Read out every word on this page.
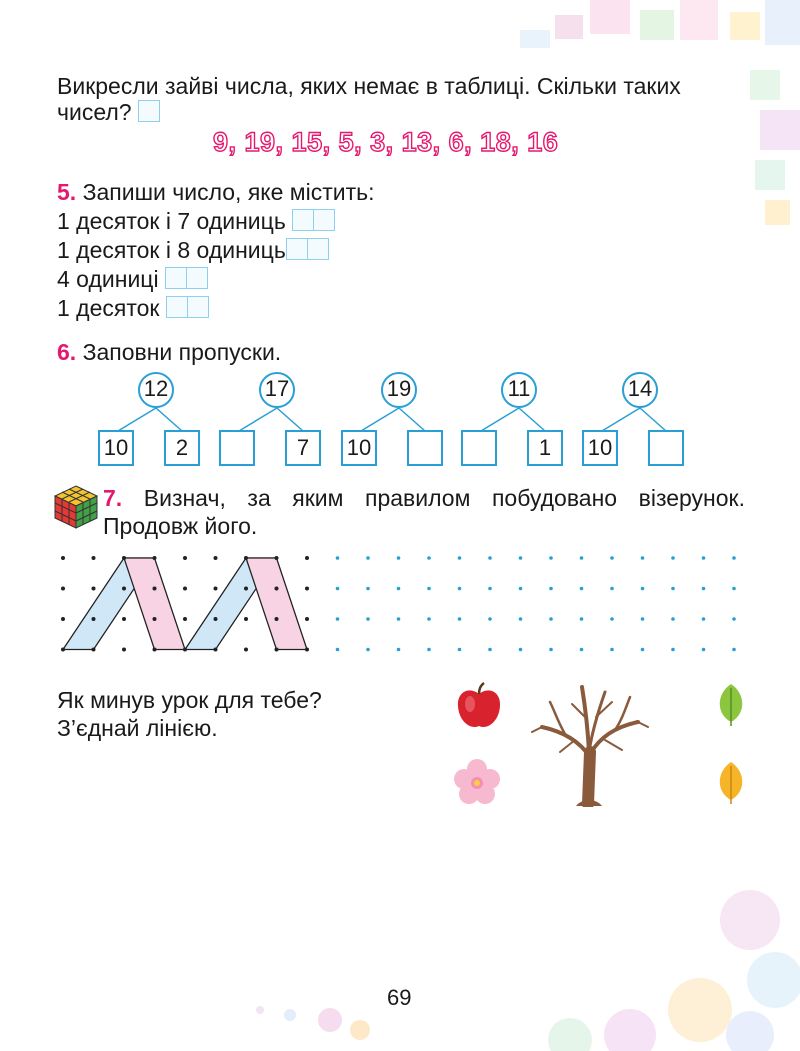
Викресли зайві числа, яких немає в таблиці. Скільки таких
чисел?
9, 19, 15, 5, 3, 13, 6, 18, 16
5. Запиши число, яке містить:
1 десяток і 7 одиниць
1 десяток і 8 одиниць
4 одиниці
1 десяток
6. Заповни пропуски.
12
10	2
17
7
19
10
11
1
14
10
7. Визнач, за яким правилом побудовано візерунок.
Продовж його.
Як минув урок для тебе?
З’єднай лінією.
69
